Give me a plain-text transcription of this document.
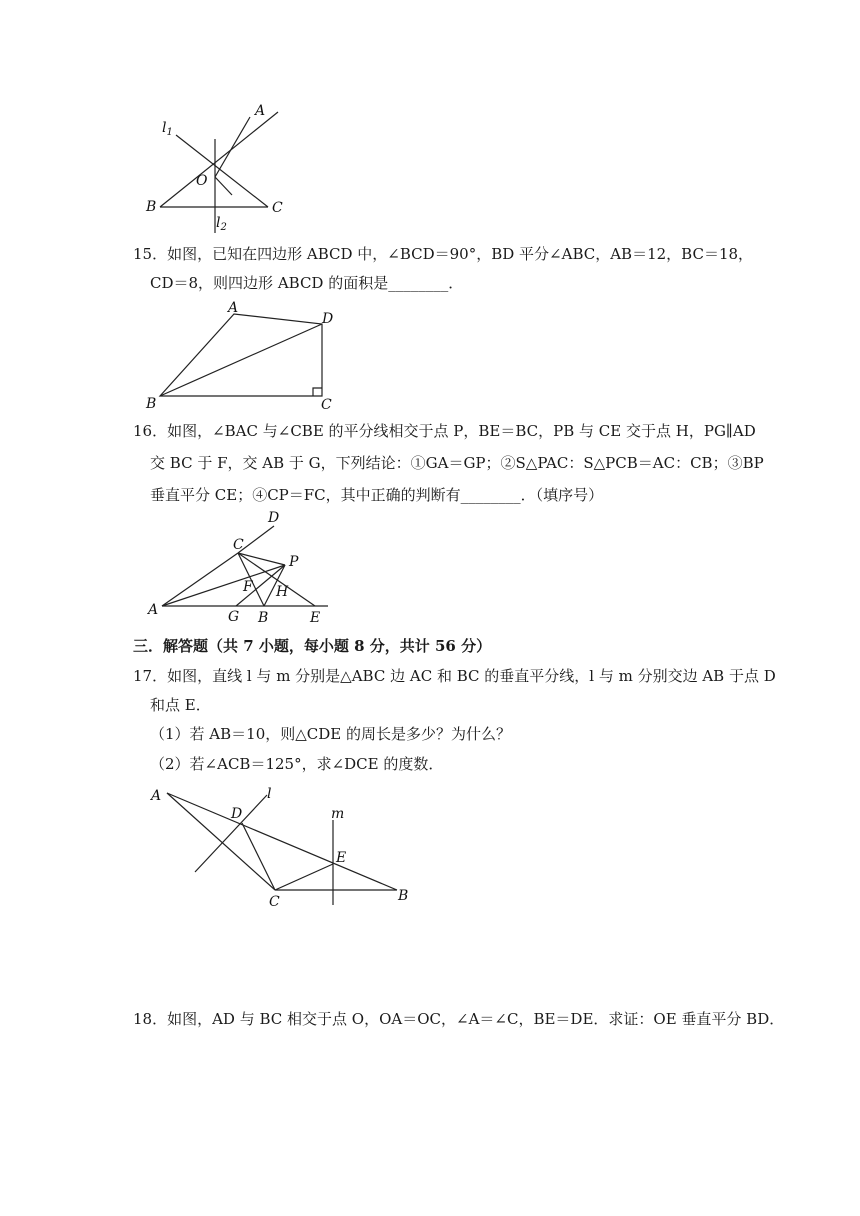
A
$l_1$
O
B	C
$l_2$
15．如图，已知在四边形 ABCD 中，∠BCD＝90°，BD 平分∠ABC，AB＝12，BC＝18，
CD＝8，则四边形 ABCD 的面积是________．
A
D
B	C
16．如图，∠BAC 与∠CBE 的平分线相交于点 P，BE＝BC，PB 与 CE 交于点 H，PG∥AD
交 BC 于 F，交 AB 于 G，下列结论：①GA＝GP；②S△PAC：S△PCB＝AC：CB；③BP
垂直平分 CE；④CP＝FC，其中正确的判断有________．（填序号）
D
C
P
F H
A	G B	E
三．解答题（共 7 小题，每小题 8 分，共计 56 分）
17．如图，直线 l 与 m 分别是△ABC 边 AC 和 BC 的垂直平分线，l 与 m 分别交边 AB 于点 D
和点 E．
（1）若 AB＝10，则△CDE 的周长是多少？为什么？
（2）若∠ACB＝125°，求∠DCE 的度数．
A
D
l
m
E
C	B
18．如图，AD 与 BC 相交于点 O，OA＝OC，∠A＝∠C，BE＝DE．求证：OE 垂直平分 BD．
